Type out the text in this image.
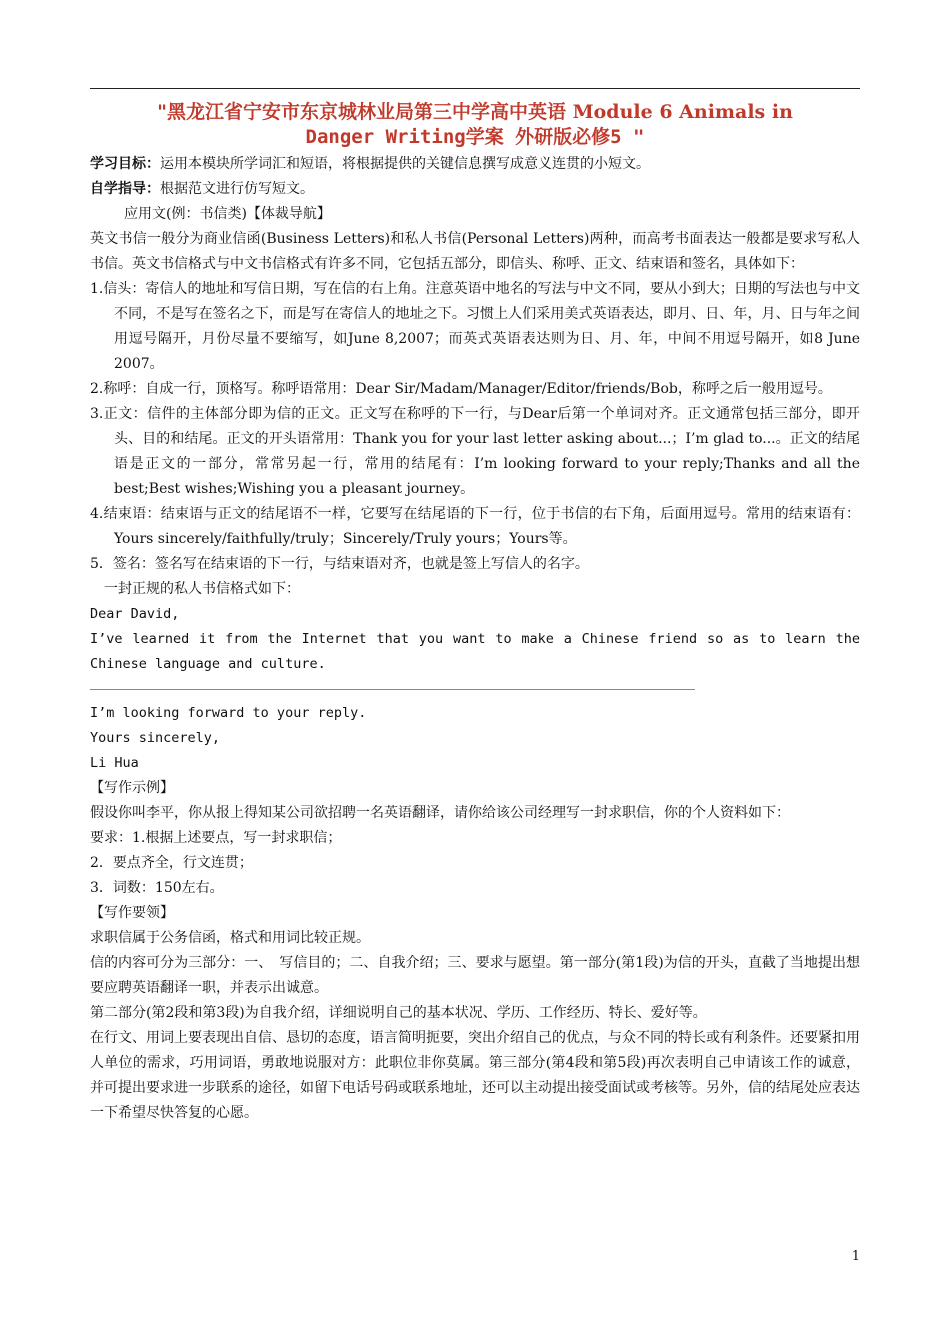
"黑龙江省宁安市东京城林业局第三中学高中英语 Module 6 Animals in
Danger Writing学案 外研版必修5 "

学习目标：运用本模块所学词汇和短语，将根据提供的关键信息撰写成意义连贯的小短文。

自学指导：根据范文进行仿写短文。

应用文(例：书信类)【体裁导航】

英文书信一般分为商业信函(Business Letters)和私人书信(Personal Letters)两种，而高考书面表达一般都是要求写私人书信。英文书信格式与中文书信格式有许多不同，它包括五部分，即信头、称呼、正文、结束语和签名，具体如下：

1.信头：寄信人的地址和写信日期，写在信的右上角。注意英语中地名的写法与中文不同，要从小到大；日期的写法也与中文不同，不是写在签名之下，而是写在寄信人的地址之下。习惯上人们采用美式英语表达，即月、日、年，月、日与年之间用逗号隔开，月份尽量不要缩写，如June 8,2007；而英式英语表达则为日、月、年，中间不用逗号隔开，如8 June 2007。

2.称呼：自成一行，顶格写。称呼语常用：Dear Sir/Madam/Manager/Editor/friends/Bob，称呼之后一般用逗号。

3.正文：信件的主体部分即为信的正文。正文写在称呼的下一行，与Dear后第一个单词对齐。正文通常包括三部分，即开头、目的和结尾。正文的开头语常用：Thank you for your last letter asking about...；I’m glad to...。正文的结尾语是正文的一部分，常常另起一行，常用的结尾有：I’m looking forward to your reply;Thanks and all the best;Best wishes;Wishing you a pleasant journey。

4.结束语：结束语与正文的结尾语不一样，它要写在结尾语的下一行，位于书信的右下角，后面用逗号。常用的结束语有：Yours sincerely/faithfully/truly；Sincerely/Truly yours；Yours等。

5．签名：签名写在结束语的下一行，与结束语对齐，也就是签上写信人的名字。

一封正规的私人书信格式如下：

Dear David,

I’ve learned it from the Internet that you want to make a Chinese friend so as to learn the Chinese language and culture.

I’m looking forward to your reply.

Yours sincerely,

Li Hua

【写作示例】

假设你叫李平，你从报上得知某公司欲招聘一名英语翻译，请你给该公司经理写一封求职信，你的个人资料如下：

要求：1.根据上述要点，写一封求职信；

2．要点齐全，行文连贯；

3．词数：150左右。

【写作要领】

求职信属于公务信函，格式和用词比较正规。

信的内容可分为三部分：一、　写信目的；二、自我介绍；三、要求与愿望。第一部分(第1段)为信的开头，直截了当地提出想要应聘英语翻译一职，并表示出诚意。

第二部分(第2段和第3段)为自我介绍，详细说明自己的基本状况、学历、工作经历、特长、爱好等。

在行文、用词上要表现出自信、恳切的态度，语言简明扼要，突出介绍自己的优点，与众不同的特长或有利条件。还要紧扣用人单位的需求，巧用词语，勇敢地说服对方：此职位非你莫属。第三部分(第4段和第5段)再次表明自己申请该工作的诚意，并可提出要求进一步联系的途径，如留下电话号码或联系地址，还可以主动提出接受面试或考核等。另外，信的结尾处应表达一下希望尽快答复的心愿。

1
